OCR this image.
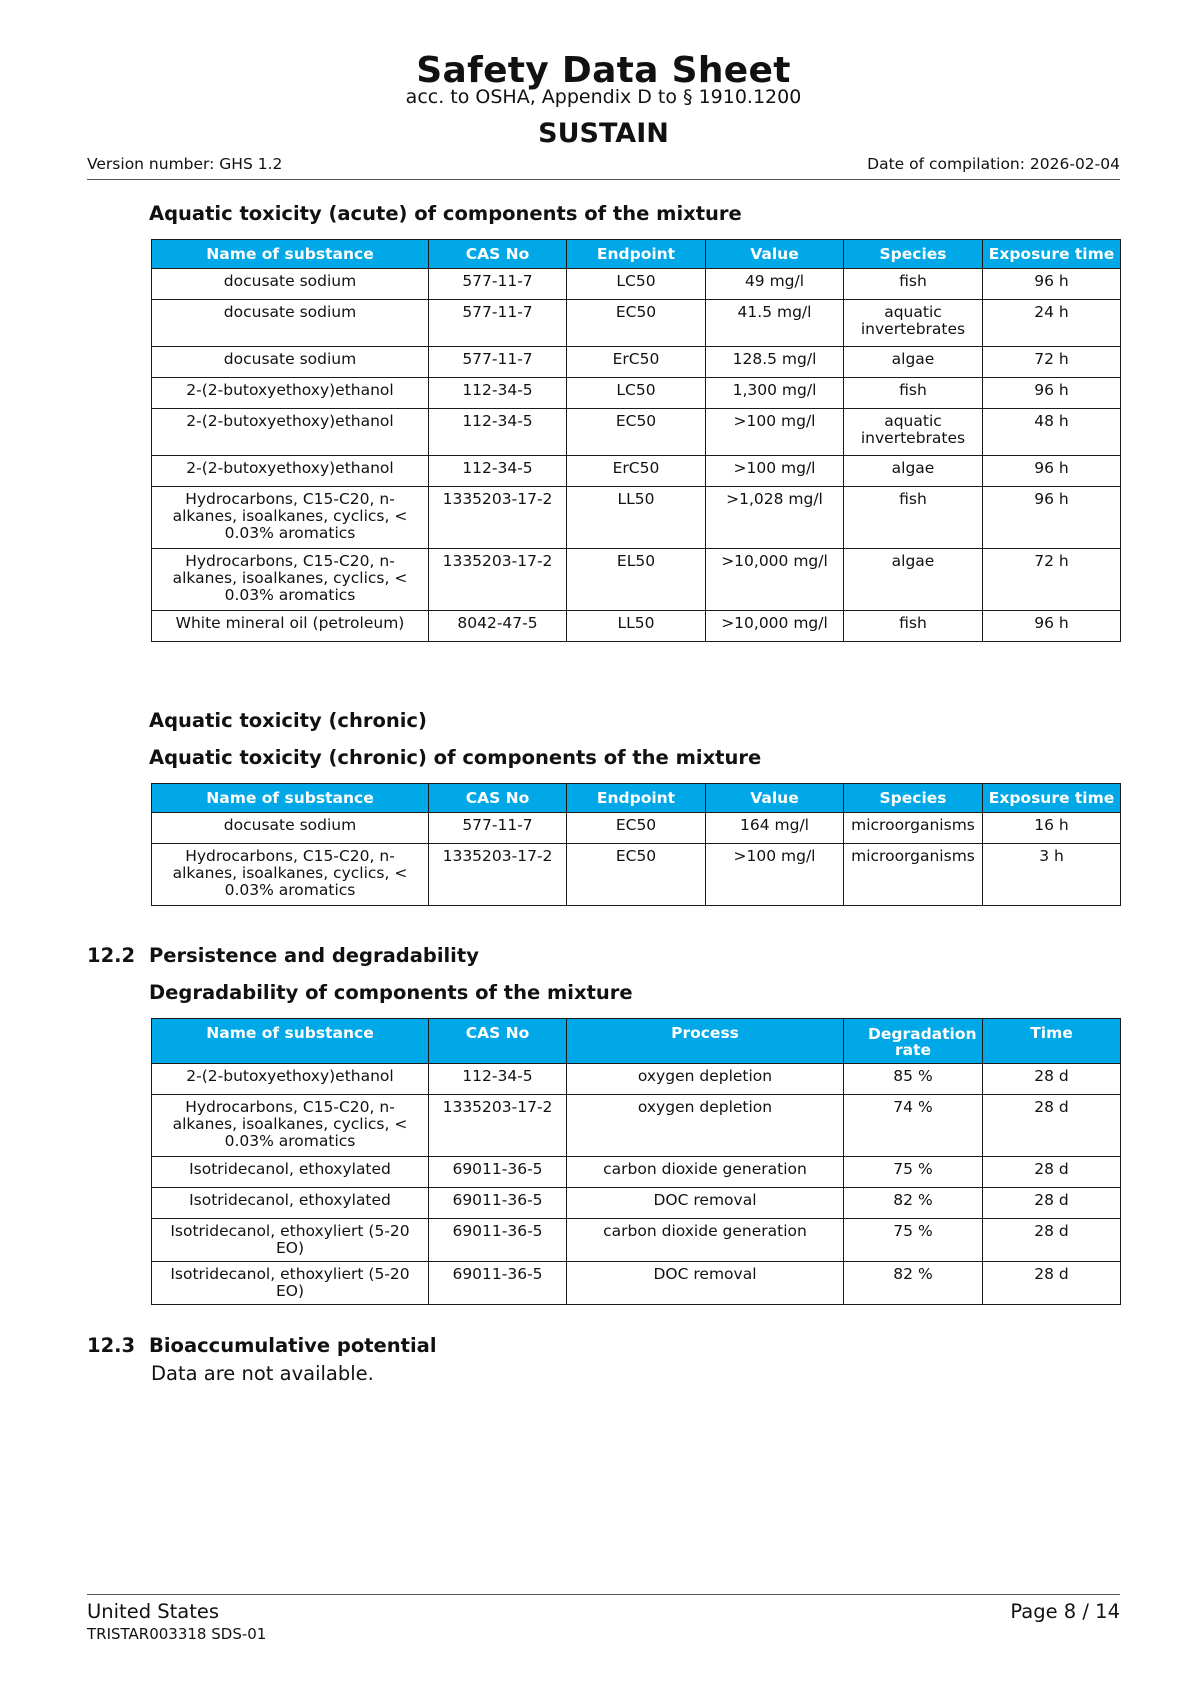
Safety Data Sheet
acc. to OSHA, Appendix D to § 1910.1200
SUSTAIN
Version number: GHS 1.2	Date of compilation: 2026-02-04
Aquatic toxicity (acute) of components of the mixture
Name of substance	CAS No	Endpoint	Value	Species	Exposure time
docusate sodium	577-11-7	LC50	49 mg/l	fish	96 h
docusate sodium	577-11-7	EC50	41.5 mg/l	aquatic invertebrates	24 h
docusate sodium	577-11-7	ErC50	128.5 mg/l	algae	72 h
2-(2-butoxyethoxy)ethanol	112-34-5	LC50	1,300 mg/l	fish	96 h
2-(2-butoxyethoxy)ethanol	112-34-5	EC50	>100 mg/l	aquatic invertebrates	48 h
2-(2-butoxyethoxy)ethanol	112-34-5	ErC50	>100 mg/l	algae	96 h
Hydrocarbons, C15-C20, n-alkanes, isoalkanes, cyclics, < 0.03% aromatics	1335203-17-2	LL50	>1,028 mg/l	fish	96 h
Hydrocarbons, C15-C20, n-alkanes, isoalkanes, cyclics, < 0.03% aromatics	1335203-17-2	EL50	>10,000 mg/l	algae	72 h
White mineral oil (petroleum)	8042-47-5	LL50	>10,000 mg/l	fish	96 h
Aquatic toxicity (chronic)
Aquatic toxicity (chronic) of components of the mixture
Name of substance	CAS No	Endpoint	Value	Species	Exposure time
docusate sodium	577-11-7	EC50	164 mg/l	microorganisms	16 h
Hydrocarbons, C15-C20, n-alkanes, isoalkanes, cyclics, < 0.03% aromatics	1335203-17-2	EC50	>100 mg/l	microorganisms	3 h
12.2 Persistence and degradability
Degradability of components of the mixture
Name of substance	CAS No	Process	Degradation rate	Time
2-(2-butoxyethoxy)ethanol	112-34-5	oxygen depletion	85 %	28 d
Hydrocarbons, C15-C20, n-alkanes, isoalkanes, cyclics, < 0.03% aromatics	1335203-17-2	oxygen depletion	74 %	28 d
Isotridecanol, ethoxylated	69011-36-5	carbon dioxide generation	75 %	28 d
Isotridecanol, ethoxylated	69011-36-5	DOC removal	82 %	28 d
Isotridecanol, ethoxyliert (5-20 EO)	69011-36-5	carbon dioxide generation	75 %	28 d
Isotridecanol, ethoxyliert (5-20 EO)	69011-36-5	DOC removal	82 %	28 d
12.3 Bioaccumulative potential
Data are not available.
United States
TRISTAR003318 SDS-01
Page 8 / 14
